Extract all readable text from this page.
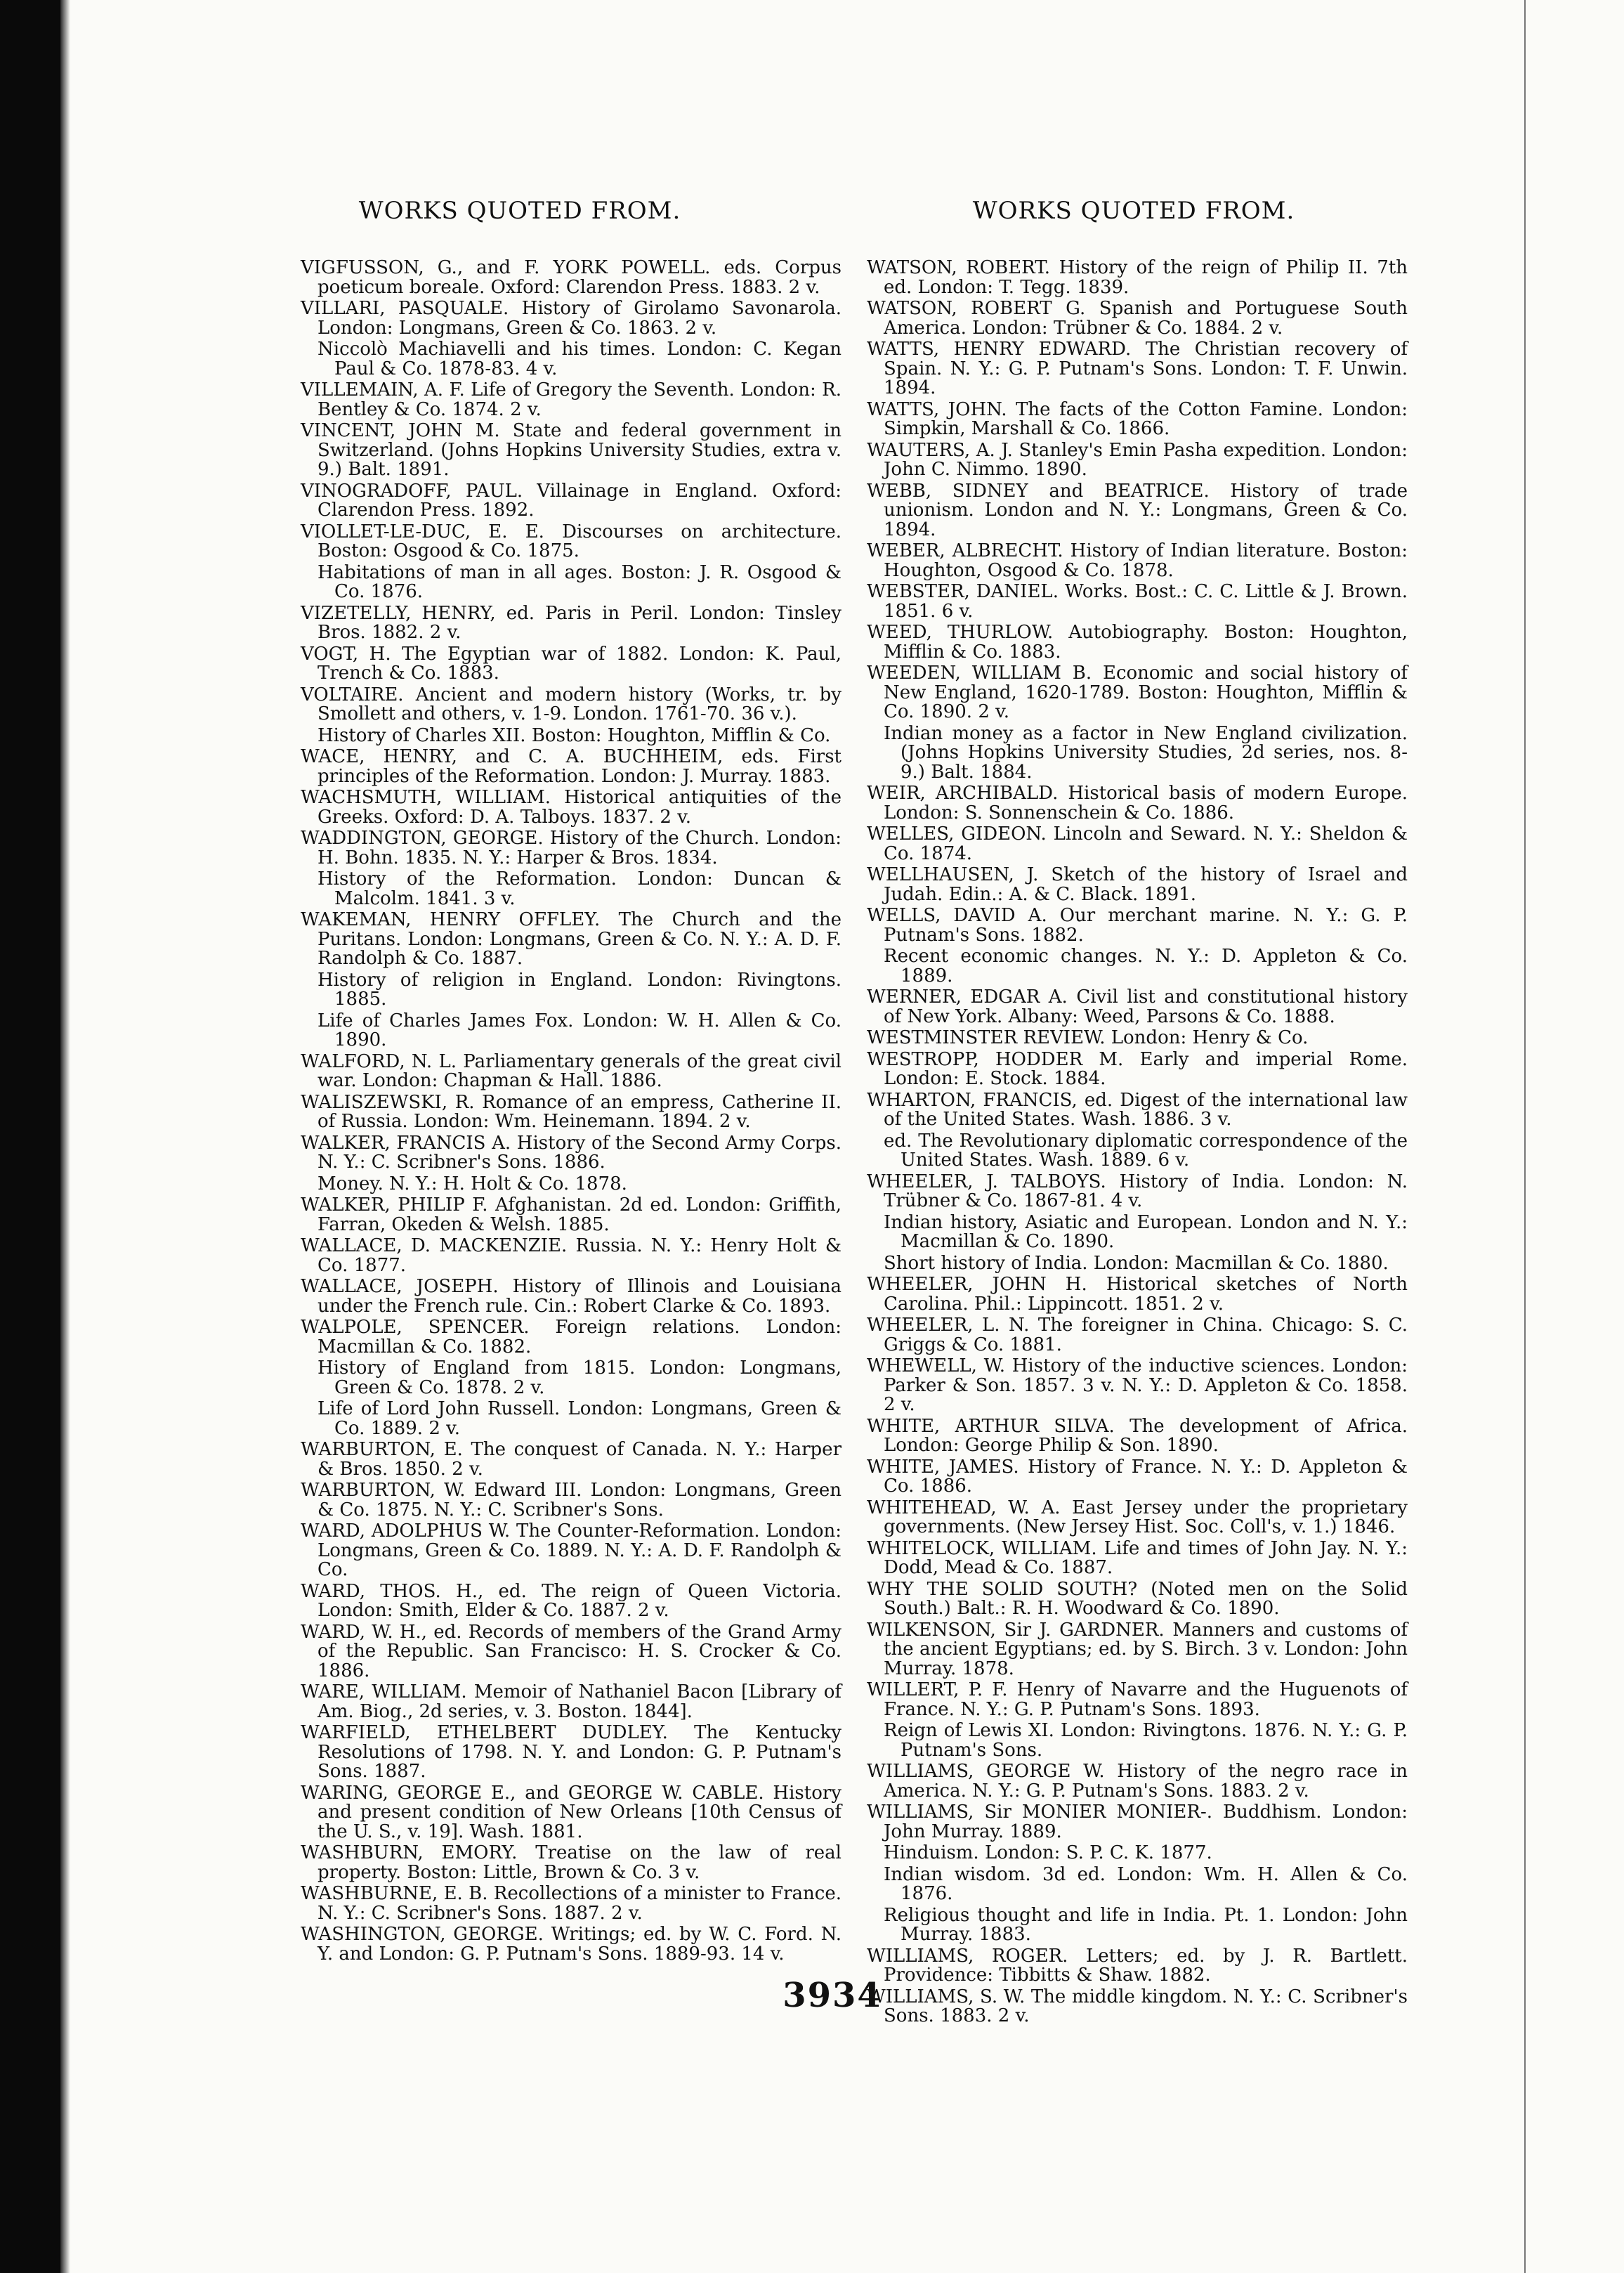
WORKS QUOTED FROM.	WORKS QUOTED FROM.

VIGFUSSON, G., and F. YORK POWELL. eds. Corpus poeticum boreale. Oxford: Clarendon Press. 1883. 2 v.

VILLARI, PASQUALE. History of Girolamo Savonarola. London: Longmans, Green & Co. 1863. 2 v.

Niccolò Machiavelli and his times. London: C. Kegan Paul & Co. 1878-83. 4 v.

VILLEMAIN, A. F. Life of Gregory the Seventh. London: R. Bentley & Co. 1874. 2 v.

VINCENT, JOHN M. State and federal government in Switzerland. (Johns Hopkins University Studies, extra v. 9.) Balt. 1891.

VINOGRADOFF, PAUL. Villainage in England. Oxford: Clarendon Press. 1892.

VIOLLET-LE-DUC, E. E. Discourses on architecture. Boston: Osgood & Co. 1875.

Habitations of man in all ages. Boston: J. R. Osgood & Co. 1876.

VIZETELLY, HENRY, ed. Paris in Peril. London: Tinsley Bros. 1882. 2 v.

VOGT, H. The Egyptian war of 1882. London: K. Paul, Trench & Co. 1883.

VOLTAIRE. Ancient and modern history (Works, tr. by Smollett and others, v. 1-9. London. 1761-70. 36 v.).

History of Charles XII. Boston: Houghton, Mifflin & Co.

WACE, HENRY, and C. A. BUCHHEIM, eds. First principles of the Reformation. London: J. Murray. 1883.

WACHSMUTH, WILLIAM. Historical antiquities of the Greeks. Oxford: D. A. Talboys. 1837. 2 v.

WADDINGTON, GEORGE. History of the Church. London: H. Bohn. 1835. N. Y.: Harper & Bros. 1834.

History of the Reformation. London: Duncan & Malcolm. 1841. 3 v.

WAKEMAN, HENRY OFFLEY. The Church and the Puritans. London: Longmans, Green & Co. N. Y.: A. D. F. Randolph & Co. 1887.

History of religion in England. London: Rivingtons. 1885.

Life of Charles James Fox. London: W. H. Allen & Co. 1890.

WALFORD, N. L. Parliamentary generals of the great civil war. London: Chapman & Hall. 1886.

WALISZEWSKI, R. Romance of an empress, Catherine II. of Russia. London: Wm. Heinemann. 1894. 2 v.

WALKER, FRANCIS A. History of the Second Army Corps. N. Y.: C. Scribner's Sons. 1886.

Money. N. Y.: H. Holt & Co. 1878.

WALKER, PHILIP F. Afghanistan. 2d ed. London: Griffith, Farran, Okeden & Welsh. 1885.

WALLACE, D. MACKENZIE. Russia. N. Y.: Henry Holt & Co. 1877.

WALLACE, JOSEPH. History of Illinois and Louisiana under the French rule. Cin.: Robert Clarke & Co. 1893.

WALPOLE, SPENCER. Foreign relations. London: Macmillan & Co. 1882.

History of England from 1815. London: Longmans, Green & Co. 1878. 2 v.

Life of Lord John Russell. London: Longmans, Green & Co. 1889. 2 v.

WARBURTON, E. The conquest of Canada. N. Y.: Harper & Bros. 1850. 2 v.

WARBURTON, W. Edward III. London: Longmans, Green & Co. 1875. N. Y.: C. Scribner's Sons.

WARD, ADOLPHUS W. The Counter-Reformation. London: Longmans, Green & Co. 1889. N. Y.: A. D. F. Randolph & Co.

WARD, THOS. H., ed. The reign of Queen Victoria. London: Smith, Elder & Co. 1887. 2 v.

WARD, W. H., ed. Records of members of the Grand Army of the Republic. San Francisco: H. S. Crocker & Co. 1886.

WARE, WILLIAM. Memoir of Nathaniel Bacon [Library of Am. Biog., 2d series, v. 3. Boston. 1844].

WARFIELD, ETHELBERT DUDLEY. The Kentucky Resolutions of 1798. N. Y. and London: G. P. Putnam's Sons. 1887.

WARING, GEORGE E., and GEORGE W. CABLE. History and present condition of New Orleans [10th Census of the U. S., v. 19]. Wash. 1881.

WASHBURN, EMORY. Treatise on the law of real property. Boston: Little, Brown & Co. 3 v.

WASHBURNE, E. B. Recollections of a minister to France. N. Y.: C. Scribner's Sons. 1887. 2 v.

WASHINGTON, GEORGE. Writings; ed. by W. C. Ford. N. Y. and London: G. P. Putnam's Sons. 1889-93. 14 v.

WATSON, ROBERT. History of the reign of Philip II. 7th ed. London: T. Tegg. 1839.

WATSON, ROBERT G. Spanish and Portuguese South America. London: Trübner & Co. 1884. 2 v.

WATTS, HENRY EDWARD. The Christian recovery of Spain. N. Y.: G. P. Putnam's Sons. London: T. F. Unwin. 1894.

WATTS, JOHN. The facts of the Cotton Famine. London: Simpkin, Marshall & Co. 1866.

WAUTERS, A. J. Stanley's Emin Pasha expedition. London: John C. Nimmo. 1890.

WEBB, SIDNEY and BEATRICE. History of trade unionism. London and N. Y.: Longmans, Green & Co. 1894.

WEBER, ALBRECHT. History of Indian literature. Boston: Houghton, Osgood & Co. 1878.

WEBSTER, DANIEL. Works. Bost.: C. C. Little & J. Brown. 1851. 6 v.

WEED, THURLOW. Autobiography. Boston: Houghton, Mifflin & Co. 1883.

WEEDEN, WILLIAM B. Economic and social history of New England, 1620-1789. Boston: Houghton, Mifflin & Co. 1890. 2 v.

Indian money as a factor in New England civilization. (Johns Hopkins University Studies, 2d series, nos. 8-9.) Balt. 1884.

WEIR, ARCHIBALD. Historical basis of modern Europe. London: S. Sonnenschein & Co. 1886.

WELLES, GIDEON. Lincoln and Seward. N. Y.: Sheldon & Co. 1874.

WELLHAUSEN, J. Sketch of the history of Israel and Judah. Edin.: A. & C. Black. 1891.

WELLS, DAVID A. Our merchant marine. N. Y.: G. P. Putnam's Sons. 1882.

Recent economic changes. N. Y.: D. Appleton & Co. 1889.

WERNER, EDGAR A. Civil list and constitutional history of New York. Albany: Weed, Parsons & Co. 1888.

WESTMINSTER REVIEW. London: Henry & Co.

WESTROPP, HODDER M. Early and imperial Rome. London: E. Stock. 1884.

WHARTON, FRANCIS, ed. Digest of the international law of the United States. Wash. 1886. 3 v.

ed. The Revolutionary diplomatic correspondence of the United States. Wash. 1889. 6 v.

WHEELER, J. TALBOYS. History of India. London: N. Trübner & Co. 1867-81. 4 v.

Indian history, Asiatic and European. London and N. Y.: Macmillan & Co. 1890.

Short history of India. London: Macmillan & Co. 1880.

WHEELER, JOHN H. Historical sketches of North Carolina. Phil.: Lippincott. 1851. 2 v.

WHEELER, L. N. The foreigner in China. Chicago: S. C. Griggs & Co. 1881.

WHEWELL, W. History of the inductive sciences. London: Parker & Son. 1857. 3 v. N. Y.: D. Appleton & Co. 1858. 2 v.

WHITE, ARTHUR SILVA. The development of Africa. London: George Philip & Son. 1890.

WHITE, JAMES. History of France. N. Y.: D. Appleton & Co. 1886.

WHITEHEAD, W. A. East Jersey under the proprietary governments. (New Jersey Hist. Soc. Coll's, v. 1.) 1846.

WHITELOCK, WILLIAM. Life and times of John Jay. N. Y.: Dodd, Mead & Co. 1887.

WHY THE SOLID SOUTH? (Noted men on the Solid South.) Balt.: R. H. Woodward & Co. 1890.

WILKENSON, Sir J. GARDNER. Manners and customs of the ancient Egyptians; ed. by S. Birch. 3 v. London: John Murray. 1878.

WILLERT, P. F. Henry of Navarre and the Huguenots of France. N. Y.: G. P. Putnam's Sons. 1893.

Reign of Lewis XI. London: Rivingtons. 1876. N. Y.: G. P. Putnam's Sons.

WILLIAMS, GEORGE W. History of the negro race in America. N. Y.: G. P. Putnam's Sons. 1883. 2 v.

WILLIAMS, Sir MONIER MONIER-. Buddhism. London: John Murray. 1889.

Hinduism. London: S. P. C. K. 1877.

Indian wisdom. 3d ed. London: Wm. H. Allen & Co. 1876.

Religious thought and life in India. Pt. 1. London: John Murray. 1883.

WILLIAMS, ROGER. Letters; ed. by J. R. Bartlett. Providence: Tibbitts & Shaw. 1882.

WILLIAMS, S. W. The middle kingdom. N. Y.: C. Scribner's Sons. 1883. 2 v.

3934
